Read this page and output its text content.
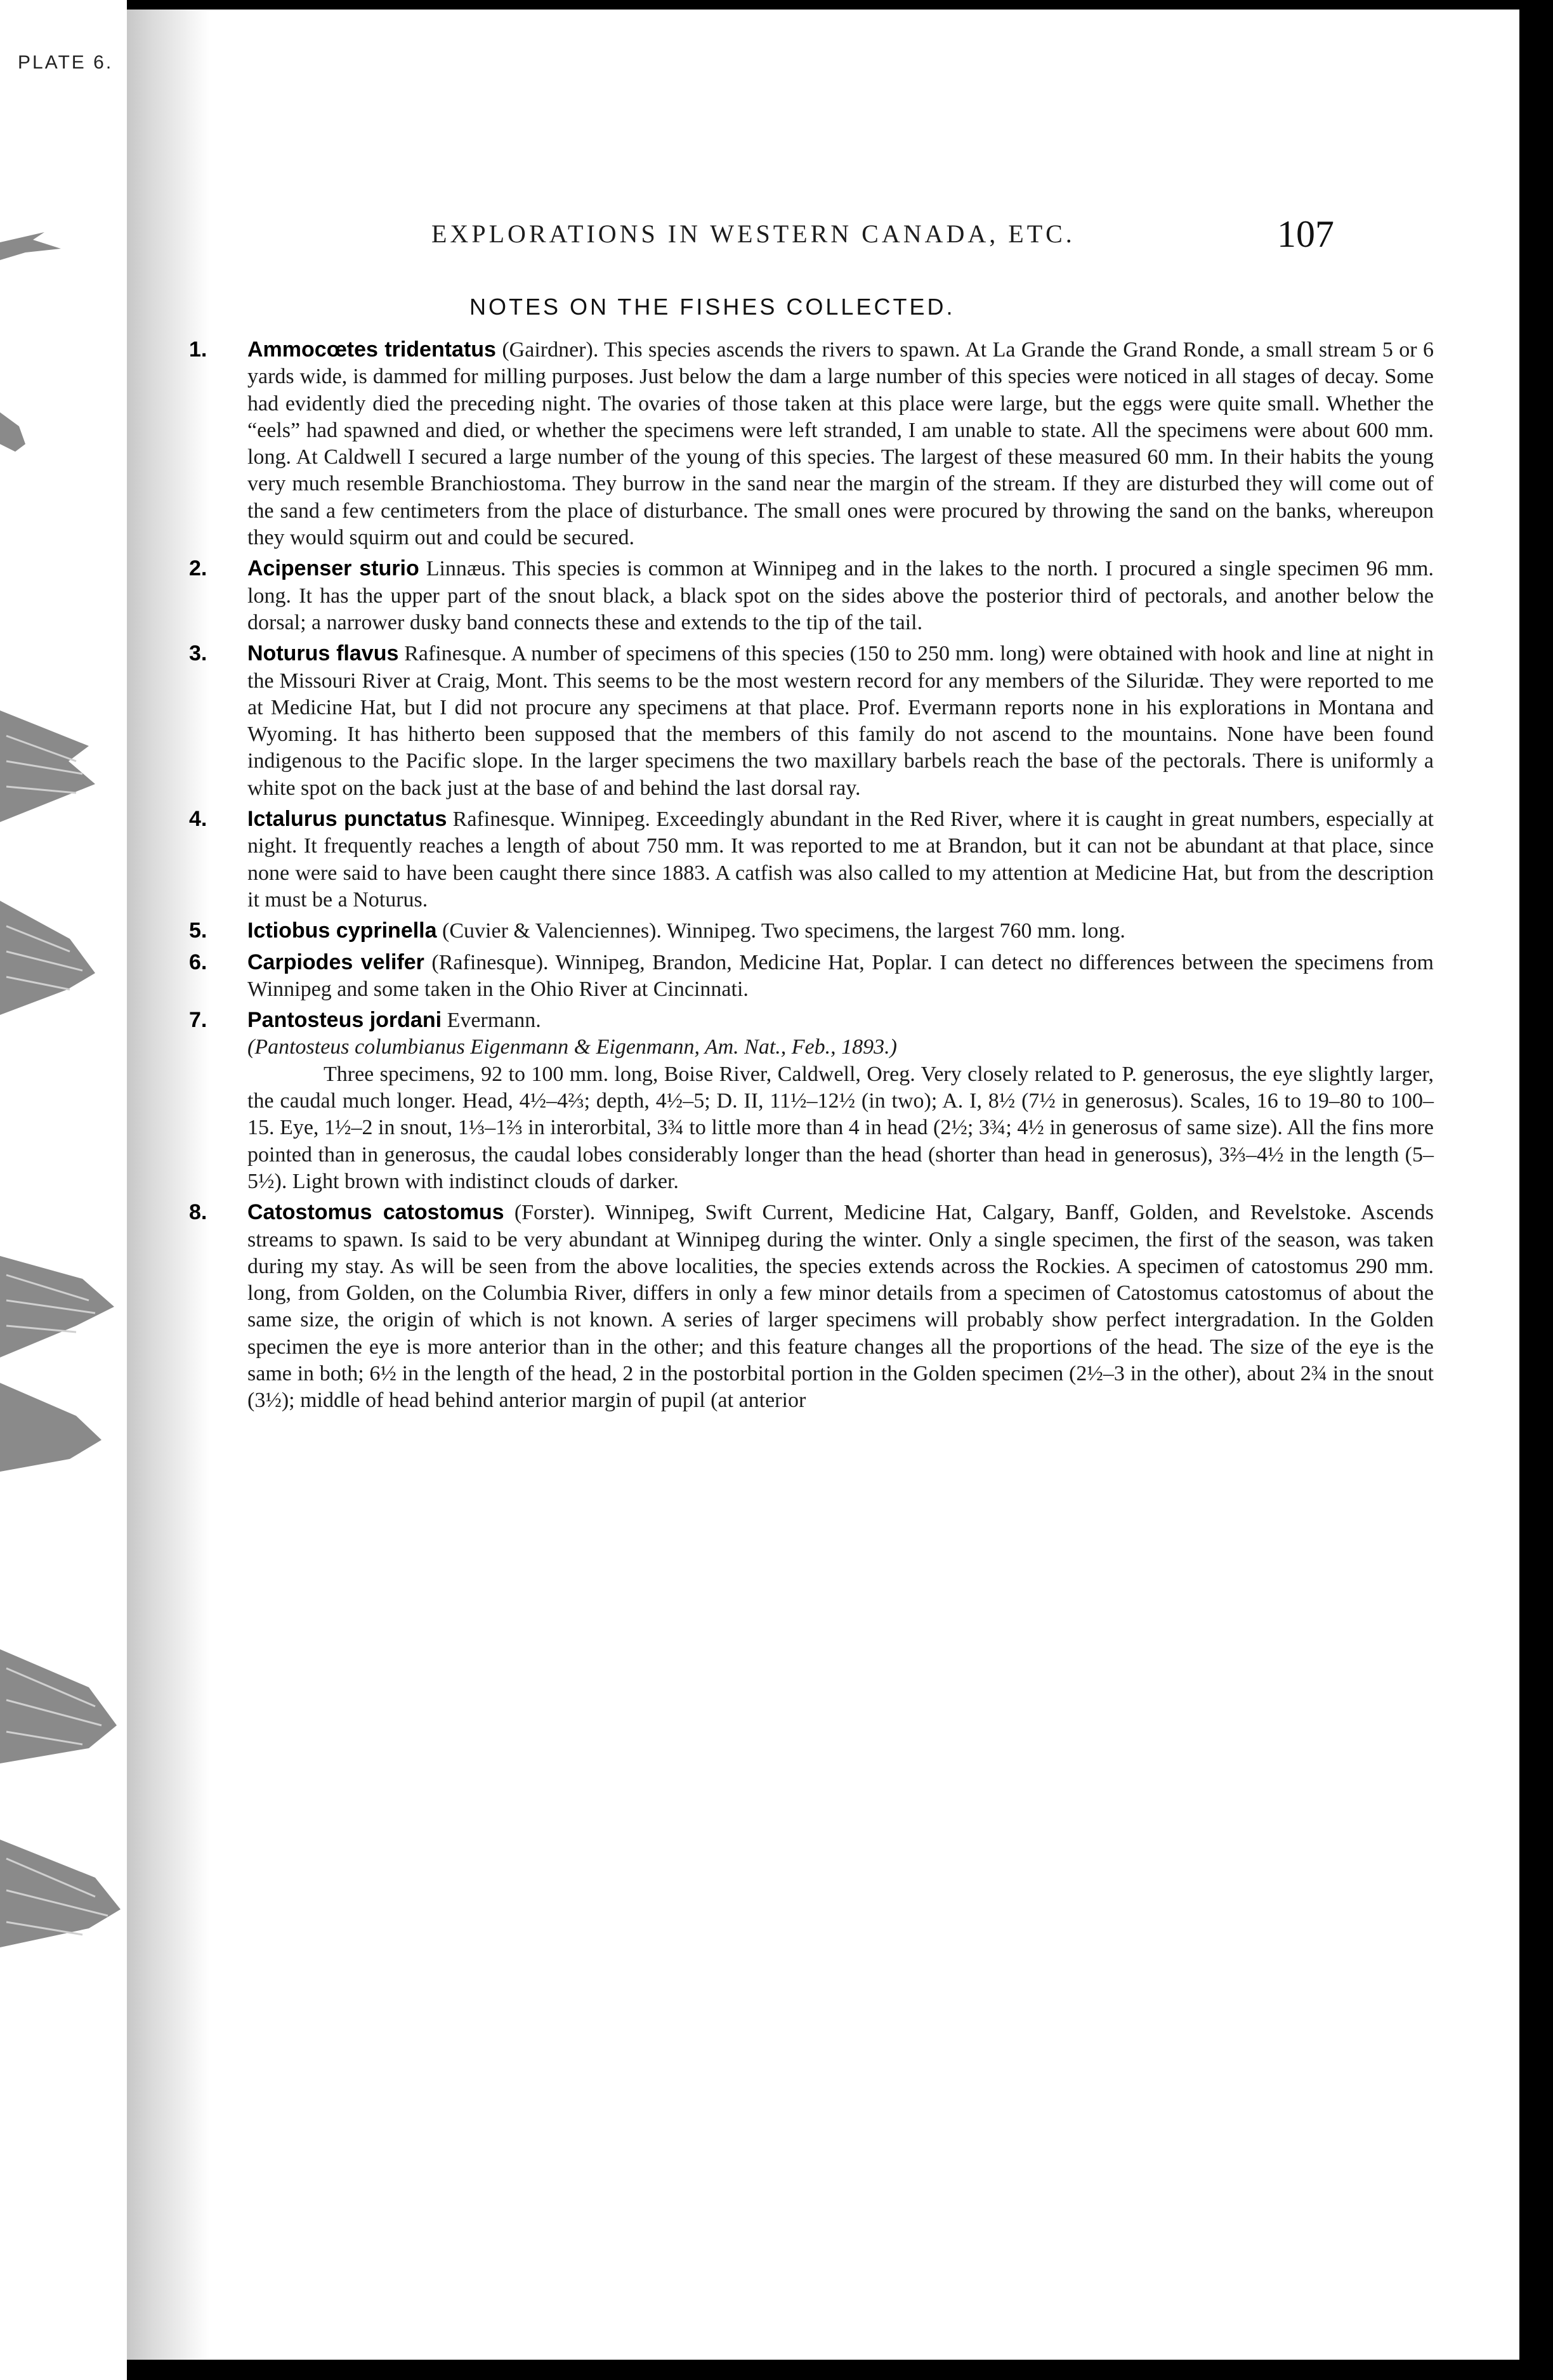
PLATE 6.
EXPLORATIONS IN WESTERN CANADA, ETC.	107
NOTES ON THE FISHES COLLECTED.
1. Ammocœtes tridentatus (Gairdner). This species ascends the rivers to spawn. At La Grande the Grand Ronde, a small stream 5 or 6 yards wide, is dammed for milling purposes. Just below the dam a large number of this species were noticed in all stages of decay. Some had evidently died the preceding night. The ovaries of those taken at this place were large, but the eggs were quite small. Whether the “eels” had spawned and died, or whether the specimens were left stranded, I am unable to state. All the specimens were about 600 mm. long. At Caldwell I secured a large number of the young of this species. The largest of these measured 60 mm. In their habits the young very much resemble Branchiostoma. They burrow in the sand near the margin of the stream. If they are disturbed they will come out of the sand a few centimeters from the place of disturbance. The small ones were procured by throwing the sand on the banks, whereupon they would squirm out and could be secured.
2. Acipenser sturio Linnæus. This species is common at Winnipeg and in the lakes to the north. I procured a single specimen 96 mm. long. It has the upper part of the snout black, a black spot on the sides above the posterior third of pectorals, and another below the dorsal; a narrower dusky band connects these and extends to the tip of the tail.
3. Noturus flavus Rafinesque. A number of specimens of this species (150 to 250 mm. long) were obtained with hook and line at night in the Missouri River at Craig, Mont. This seems to be the most western record for any members of the Siluridæ. They were reported to me at Medicine Hat, but I did not procure any specimens at that place. Prof. Evermann reports none in his explorations in Montana and Wyoming. It has hitherto been supposed that the members of this family do not ascend to the mountains. None have been found indigenous to the Pacific slope. In the larger specimens the two maxillary barbels reach the base of the pectorals. There is uniformly a white spot on the back just at the base of and behind the last dorsal ray.
4. Ictalurus punctatus Rafinesque. Winnipeg. Exceedingly abundant in the Red River, where it is caught in great numbers, especially at night. It frequently reaches a length of about 750 mm. It was reported to me at Brandon, but it can not be abundant at that place, since none were said to have been caught there since 1883. A catfish was also called to my attention at Medicine Hat, but from the description it must be a Noturus.
5. Ictiobus cyprinella (Cuvier & Valenciennes). Winnipeg. Two specimens, the largest 760 mm. long.
6. Carpiodes velifer (Rafinesque). Winnipeg, Brandon, Medicine Hat, Poplar. I can detect no differences between the specimens from Winnipeg and some taken in the Ohio River at Cincinnati.
7. Pantosteus jordani Evermann.
(Pantosteus columbianus Eigenmann & Eigenmann, Am. Nat., Feb., 1893.)
Three specimens, 92 to 100 mm. long, Boise River, Caldwell, Oreg. Very closely related to P. generosus, the eye slightly larger, the caudal much longer. Head, 4½–4⅔; depth, 4½–5; D. II, 11½–12½ (in two); A. I, 8½ (7½ in generosus). Scales, 16 to 19–80 to 100–15. Eye, 1½–2 in snout, 1⅓–1⅔ in interorbital, 3¾ to little more than 4 in head (2½; 3¾; 4½ in generosus of same size). All the fins more pointed than in generosus, the caudal lobes considerably longer than the head (shorter than head in generosus), 3⅔–4½ in the length (5–5½). Light brown with indistinct clouds of darker.
8. Catostomus catostomus (Forster). Winnipeg, Swift Current, Medicine Hat, Calgary, Banff, Golden, and Revelstoke. Ascends streams to spawn. Is said to be very abundant at Winnipeg during the winter. Only a single specimen, the first of the season, was taken during my stay. As will be seen from the above localities, the species extends across the Rockies. A specimen of catostomus 290 mm. long, from Golden, on the Columbia River, differs in only a few minor details from a specimen of Catostomus catostomus of about the same size, the origin of which is not known. A series of larger specimens will probably show perfect intergradation. In the Golden specimen the eye is more anterior than in the other; and this feature changes all the proportions of the head. The size of the eye is the same in both; 6½ in the length of the head, 2 in the postorbital portion in the Golden specimen (2½–3 in the other), about 2¾ in the snout (3½); middle of head behind anterior margin of pupil (at anterior
